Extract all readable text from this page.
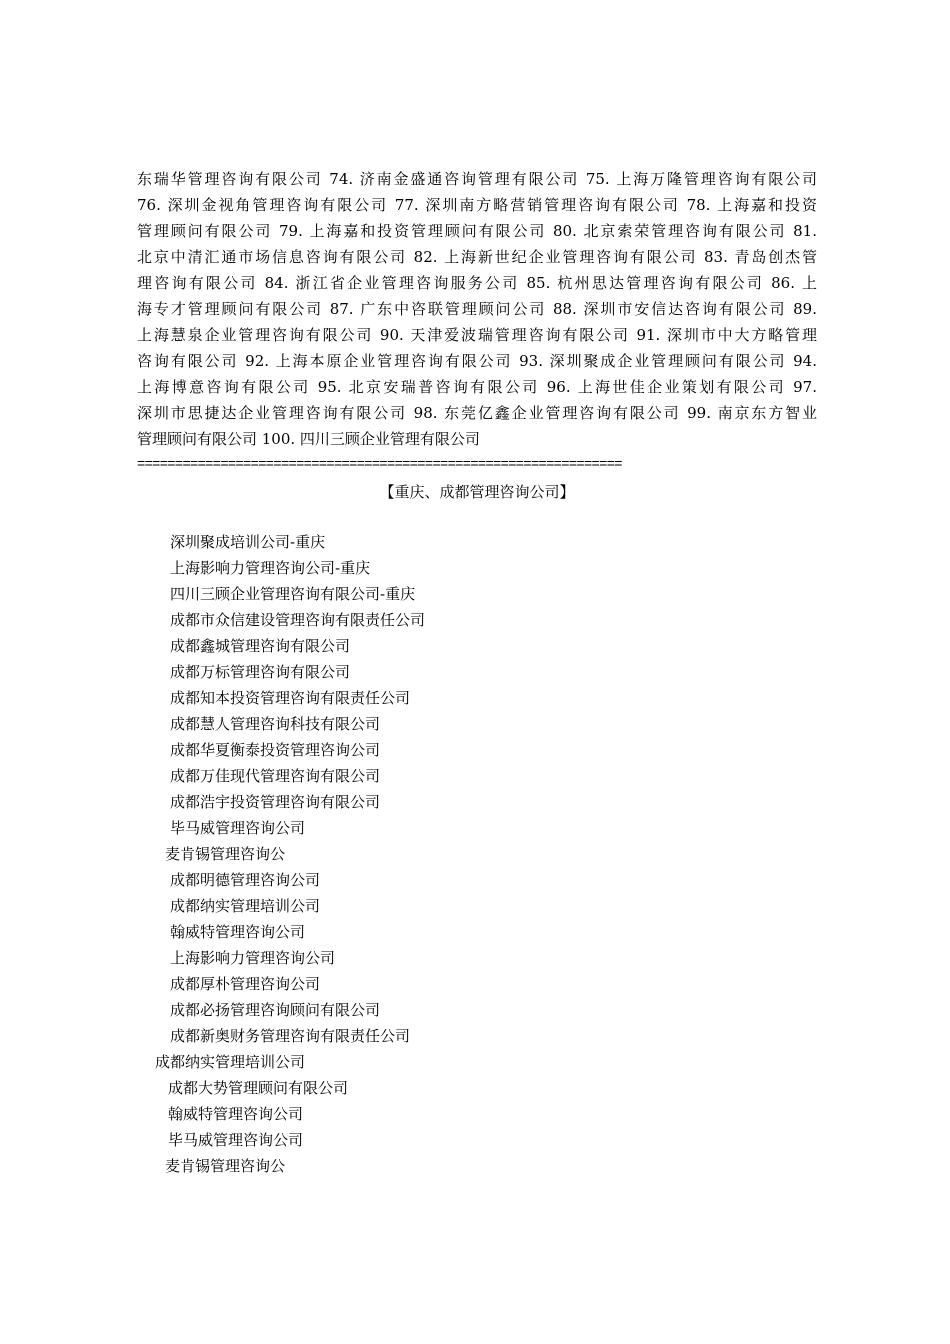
东瑞华管理咨询有限公司 74. 济南金盛通咨询管理有限公司 75. 上海万隆管理咨询有限公司
76. 深圳金视角管理咨询有限公司 77. 深圳南方略营销管理咨询有限公司 78. 上海嘉和投资
管理顾问有限公司 79. 上海嘉和投资管理顾问有限公司 80. 北京索荣管理咨询有限公司 81.
北京中清汇通市场信息咨询有限公司 82. 上海新世纪企业管理咨询有限公司 83. 青岛创杰管
理咨询有限公司 84. 浙江省企业管理咨询服务公司 85. 杭州思达管理咨询有限公司 86. 上
海专才管理顾问有限公司 87. 广东中咨联管理顾问公司 88. 深圳市安信达咨询有限公司 89.
上海慧泉企业管理咨询有限公司 90. 天津爱波瑞管理咨询有限公司 91. 深圳市中大方略管理
咨询有限公司 92. 上海本原企业管理咨询有限公司 93. 深圳聚成企业管理顾问有限公司 94.
上海博意咨询有限公司 95. 北京安瑞普咨询有限公司 96. 上海世佳企业策划有限公司 97.
深圳市思捷达企业管理咨询有限公司 98. 东莞亿鑫企业管理咨询有限公司 99. 南京东方智业
管理顾问有限公司 100. 四川三顾企业管理有限公司
================================================================
【重庆、成都管理咨询公司】
深圳聚成培训公司-重庆
上海影响力管理咨询公司-重庆
四川三顾企业管理咨询有限公司-重庆
成都市众信建设管理咨询有限责任公司
成都鑫城管理咨询有限公司
成都万标管理咨询有限公司
成都知本投资管理咨询有限责任公司
成都慧人管理咨询科技有限公司
成都华夏衡泰投资管理咨询公司
成都万佳现代管理咨询有限公司
成都浩宇投资管理咨询有限公司
毕马威管理咨询公司
麦肯锡管理咨询公
成都明德管理咨询公司
成都纳实管理培训公司
翰威特管理咨询公司
上海影响力管理咨询公司
成都厚朴管理咨询公司
成都必扬管理咨询顾问有限公司
成都新奥财务管理咨询有限责任公司
成都纳实管理培训公司
成都大势管理顾问有限公司
翰威特管理咨询公司
毕马威管理咨询公司
麦肯锡管理咨询公
